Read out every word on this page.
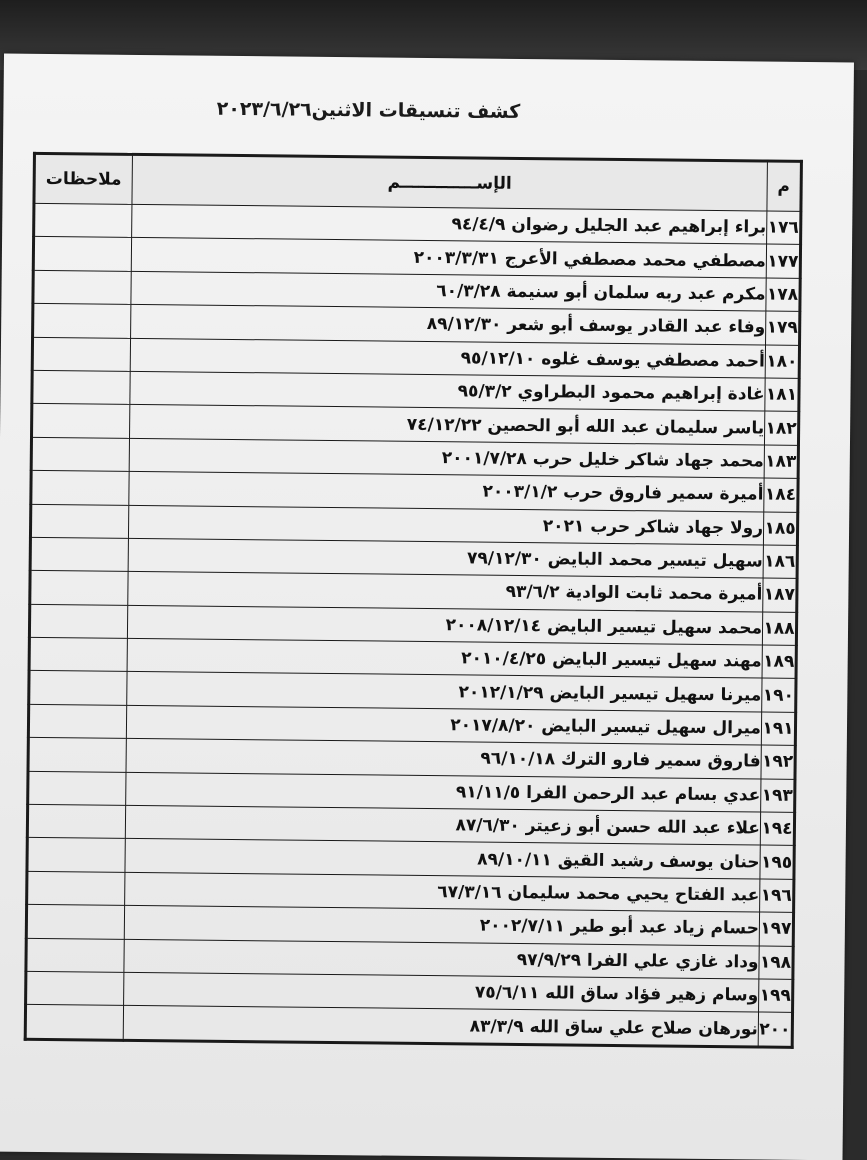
كشف تنسيقات الاثنين٢٠٢٣/٦/٢٦
م	الإســـــــــــــم	ملاحظات
١٧٦	براء إبراهيم عبد الجليل رضوان ٩٤/٤/٩	
١٧٧	مصطفي محمد مصطفي الأعرج ٢٠٠٣/٣/٣١	
١٧٨	مكرم عبد ربه سلمان أبو سنيمة ٦٠/٣/٢٨	
١٧٩	وفاء عبد القادر يوسف أبو شعر ٨٩/١٢/٣٠	
١٨٠	أحمد مصطفي يوسف غلوه ٩٥/١٢/١٠	
١٨١	غادة إبراهيم محمود البطراوي ٩٥/٣/٢	
١٨٢	ياسر سليمان عبد الله أبو الحصين ٧٤/١٢/٢٢	
١٨٣	محمد جهاد شاكر خليل حرب ٢٠٠١/٧/٢٨	
١٨٤	أميرة سمير فاروق حرب ٢٠٠٣/١/٢	
١٨٥	رولا جهاد شاكر حرب ٢٠٢١	
١٨٦	سهيل تيسير محمد البايض ٧٩/١٢/٣٠	
١٨٧	أميرة محمد ثابت الوادية ٩٣/٦/٢	
١٨٨	محمد سهيل تيسير البايض ٢٠٠٨/١٢/١٤	
١٨٩	مهند سهيل تيسير البايض ٢٠١٠/٤/٢٥	
١٩٠	ميرنا سهيل تيسير البايض ٢٠١٢/١/٢٩	
١٩١	ميرال سهيل تيسير البايض ٢٠١٧/٨/٢٠	
١٩٢	فاروق سمير فارو الترك ٩٦/١٠/١٨	
١٩٣	عدي بسام عبد الرحمن الفرا ٩١/١١/٥	
١٩٤	علاء عبد الله حسن أبو زعيتر ٨٧/٦/٣٠	
١٩٥	حنان يوسف رشيد القيق ٨٩/١٠/١١	
١٩٦	عبد الفتاح يحيي محمد سليمان ٦٧/٣/١٦	
١٩٧	حسام زياد عبد أبو طير ٢٠٠٢/٧/١١	
١٩٨	وداد غازي علي الفرا ٩٧/٩/٢٩	
١٩٩	وسام زهير فؤاد ساق الله ٧٥/٦/١١	
٢٠٠	نورهان صلاح علي ساق الله ٨٣/٣/٩	
